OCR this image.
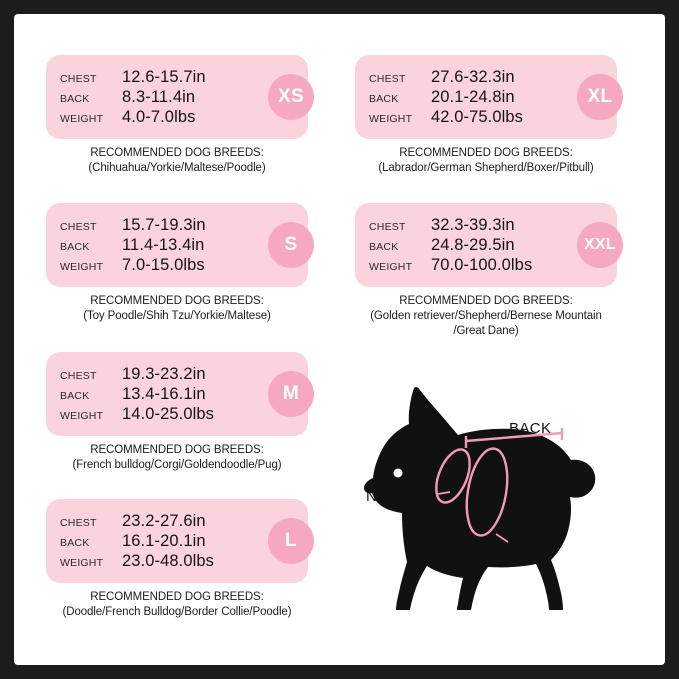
CHEST	12.6-15.7in
BACK	8.3-11.4in
WEIGHT	4.0-7.0lbs
XS
RECOMMENDED DOG BREEDS:
(Chihuahua/Yorkie/Maltese/Poodle)
CHEST	27.6-32.3in
BACK	20.1-24.8in
WEIGHT	42.0-75.0lbs
XL
RECOMMENDED DOG BREEDS:
(Labrador/German Shepherd/Boxer/Pitbull)
CHEST	15.7-19.3in
BACK	11.4-13.4in
WEIGHT	7.0-15.0lbs
S
RECOMMENDED DOG BREEDS:
(Toy Poodle/Shih Tzu/Yorkie/Maltese)
CHEST	32.3-39.3in
BACK	24.8-29.5in
WEIGHT	70.0-100.0lbs
XXL
RECOMMENDED DOG BREEDS:
(Golden retriever/Shepherd/Bernese Mountain /Great Dane)
CHEST	19.3-23.2in
BACK	13.4-16.1in
WEIGHT	14.0-25.0lbs
M
RECOMMENDED DOG BREEDS:
(French bulldog/Corgi/Goldendoodle/Pug)
CHEST	23.2-27.6in
BACK	16.1-20.1in
WEIGHT	23.0-48.0lbs
L
RECOMMENDED DOG BREEDS:
(Doodle/French Bulldog/Border Collie/Poodle)
BACK
NECK
CHEST
